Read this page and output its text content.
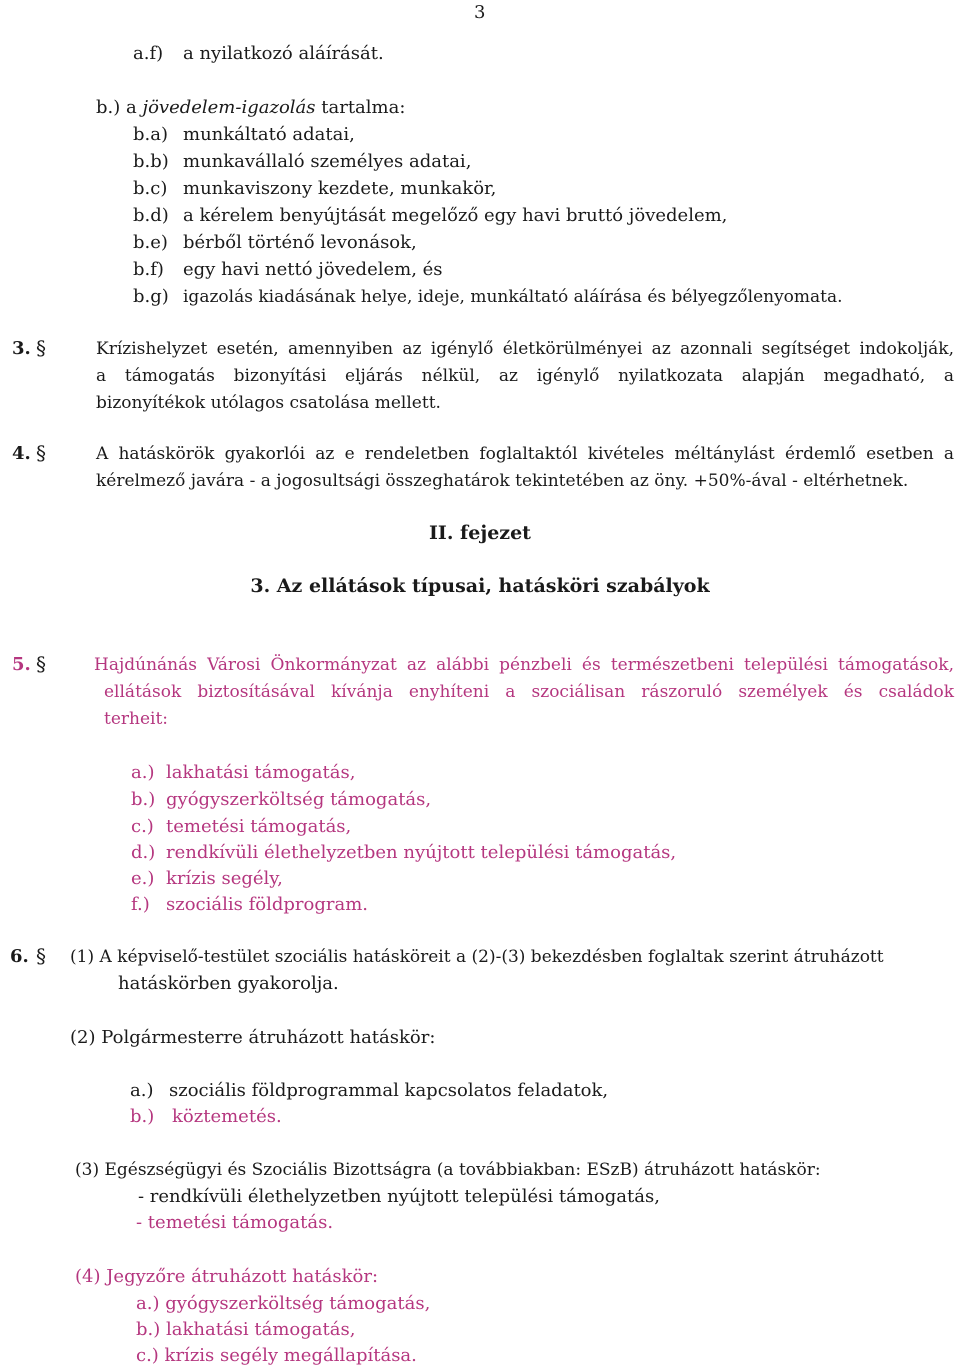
3
a.f) a nyilatkozó aláírását.
b.) a jövedelem-igazolás tartalma:
b.a) munkáltató adatai,
b.b) munkavállaló személyes adatai,
b.c) munkaviszony kezdete, munkakör,
b.d) a kérelem benyújtását megelőző egy havi bruttó jövedelem,
b.e) bérből történő levonások,
b.f) egy havi nettó jövedelem, és
b.g) igazolás kiadásának helye, ideje, munkáltató aláírása és bélyegzőlenyomata.
3. §	Krízishelyzet esetén, amennyiben az igénylő életkörülményei az azonnali segítséget indokolják,
a támogatás bizonyítási eljárás nélkül, az igénylő nyilatkozata alapján megadható, a
bizonyítékok utólagos csatolása mellett.
4. §	A hatáskörök gyakorlói az e rendeletben foglaltaktól kivételes méltánylást érdemlő esetben a
kérelmező javára - a jogosultsági összeghatárok tekintetében az öny. +50%-ával - eltérhetnek.
II. fejezet
3. Az ellátások típusai, hatásköri szabályok
5. §	Hajdúnánás Városi Önkormányzat az alábbi pénzbeli és természetbeni települési támogatások,
ellátások biztosításával kívánja enyhíteni a szociálisan rászoruló személyek és családok
terheit:
a.) lakhatási támogatás,
b.) gyógyszerköltség támogatás,
c.) temetési támogatás,
d.) rendkívüli élethelyzetben nyújtott települési támogatás,
e.) krízis segély,
f.) szociális földprogram.
6. § (1) A képviselő-testület szociális hatásköreit a (2)-(3) bekezdésben foglaltak szerint átruházott
hatáskörben gyakorolja.
(2) Polgármesterre átruházott hatáskör:
a.) szociális földprogrammal kapcsolatos feladatok,
b.) köztemetés.
(3) Egészségügyi és Szociális Bizottságra (a továbbiakban: ESzB) átruházott hatáskör:
- rendkívüli élethelyzetben nyújtott települési támogatás,
- temetési támogatás.
(4) Jegyzőre átruházott hatáskör:
a.) gyógyszerköltség támogatás,
b.) lakhatási támogatás,
c.) krízis segély megállapítása.
